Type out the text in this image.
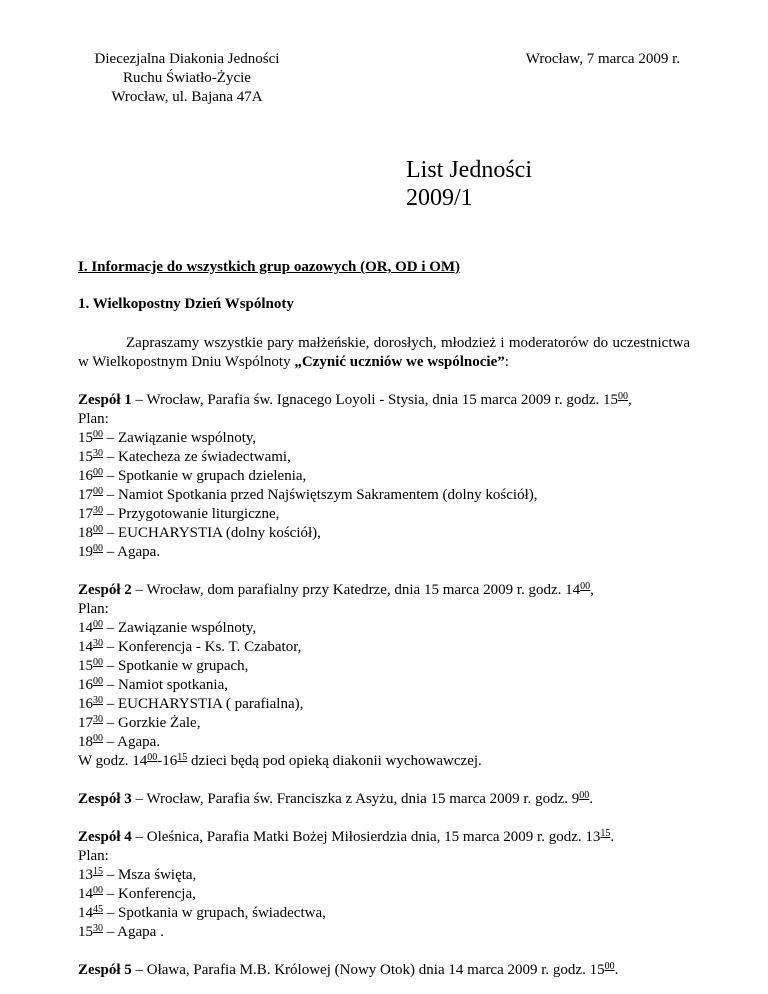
Diecezjalna Diakonia Jedności
Ruchu Światło-Życie
Wrocław, ul. Bajana 47A
Wrocław, 7 marca 2009 r.
List Jedności
2009/1

I. Informacje do wszystkich grup oazowych (OR, OD i OM)

1. Wielkopostny Dzień Wspólnoty

Zapraszamy wszystkie pary małżeńskie, dorosłych, młodzież i moderatorów do uczestnictwa w Wielkopostnym Dniu Wspólnoty „Czynić uczniów we wspólnocie”:

Zespół 1 – Wrocław, Parafia św. Ignacego Loyoli - Stysia, dnia 15 marca 2009 r. godz. $15^{00}$,

Plan:

$15^{00}$ – Zawiązanie wspólnoty,

$15^{30}$ – Katecheza ze świadectwami,

$16^{00}$ – Spotkanie w grupach dzielenia,

$17^{00}$ – Namiot Spotkania przed Najświętszym Sakramentem (dolny kościół),

$17^{30}$ – Przygotowanie liturgiczne,

$18^{00}$ – EUCHARYSTIA (dolny kościół),

$19^{00}$ – Agapa.

Zespół 2 – Wrocław, dom parafialny przy Katedrze, dnia 15 marca 2009 r. godz. $14^{00}$,

Plan:

$14^{00}$ – Zawiązanie wspólnoty,

$14^{30}$ – Konferencja - Ks. T. Czabator,

$15^{00}$ – Spotkanie w grupach,

$16^{00}$ – Namiot spotkania,

$16^{30}$ – EUCHARYSTIA ( parafialna),

$17^{30}$ – Gorzkie Żale,

$18^{00}$ – Agapa.

W godz. $14^{00}-16^{15}$ dzieci będą pod opieką diakonii wychowawczej.

Zespół 3 – Wrocław, Parafia św. Franciszka z Asyżu, dnia 15 marca 2009 r. godz. $9^{00}$.

Zespół 4 – Oleśnica, Parafia Matki Bożej Miłosierdzia dnia, 15 marca 2009 r. godz. $13^{15}$.

Plan:

$13^{15}$ – Msza święta,

$14^{00}$ – Konferencja,

$14^{45}$ – Spotkania w grupach, świadectwa,

$15^{30}$ – Agapa .

Zespół 5 – Oława, Parafia M.B. Królowej (Nowy Otok) dnia 14 marca 2009 r. godz. $15^{00}$.
